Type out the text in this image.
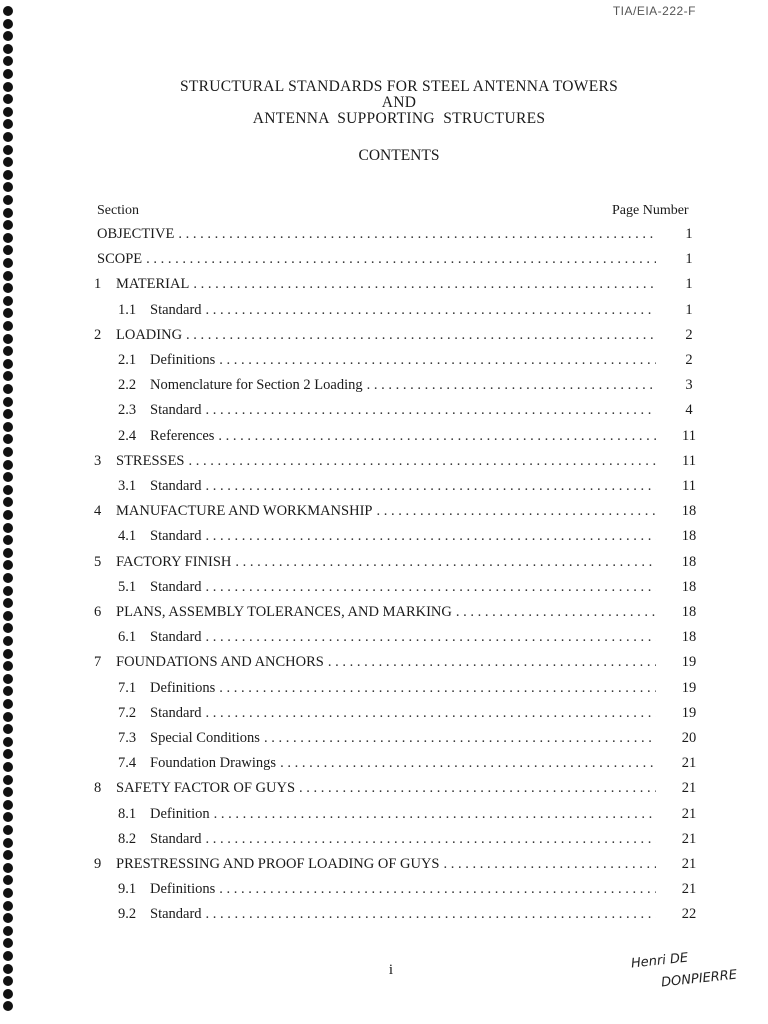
TIA/EIA-222-F
STRUCTURAL STANDARDS FOR STEEL ANTENNA TOWERS
AND
ANTENNA  SUPPORTING  STRUCTURES
CONTENTS
Section	Page Number
OBJECTIVE . . .	1
SCOPE . . .	1
1	MATERIAL . . .	1
1.1 Standard . . .	1
2	LOADING . . .	2
2.1 Definitions . . .	2
2.2 Nomenclature for Section 2 Loading . . .	3
2.3 Standard . . .	4
2.4 References . . .	11
3	STRESSES . . .	11
3.1 Standard . . .	11
4	MANUFACTURE AND WORKMANSHIP . . .	18
4.1 Standard . . .	18
5	FACTORY FINISH . . .	18
5.1 Standard . . .	18
6	PLANS, ASSEMBLY TOLERANCES, AND MARKING . . .	18
6.1 Standard . . .	18
7	FOUNDATIONS AND ANCHORS . . .	19
7.1 Definitions . . .	19
7.2 Standard . . .	19
7.3 Special Conditions . . .	20
7.4 Foundation Drawings . . .	21
8	SAFETY FACTOR OF GUYS . . .	21
8.1 Definition . . .	21
8.2 Standard . . .	21
9	PRESTRESSING AND PROOF LOADING OF GUYS . . .	21
9.1 Definitions . . .	21
9.2 Standard . . .	22
i	Henri DE
DONPIERRE
